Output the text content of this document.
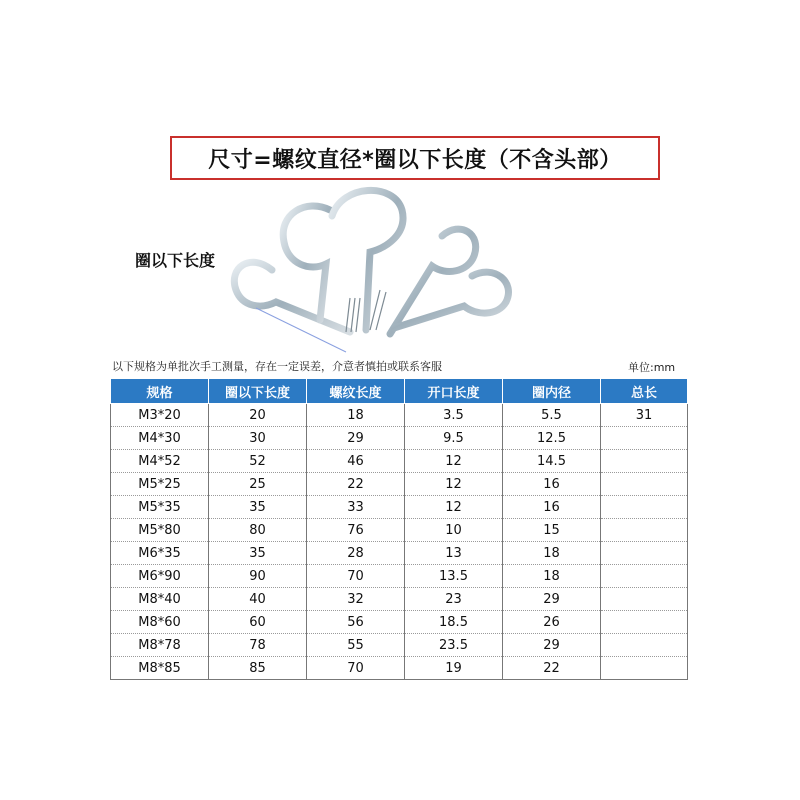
尺寸=螺纹直径*圈以下长度（不含头部）
圈以下长度
以下规格为单批次手工测量，存在一定误差，介意者慎拍或联系客服	单位:mm
规格	圈以下长度	螺纹长度	开口长度	圈内径	总长
M3*20	20	18	3.5	5.5	31
M4*30	30	29	9.5	12.5	
M4*52	52	46	12	14.5	
M5*25	25	22	12	16	
M5*35	35	33	12	16	
M5*80	80	76	10	15	
M6*35	35	28	13	18	
M6*90	90	70	13.5	18	
M8*40	40	32	23	29	
M8*60	60	56	18.5	26	
M8*78	78	55	23.5	29	
M8*85	85	70	19	22	
